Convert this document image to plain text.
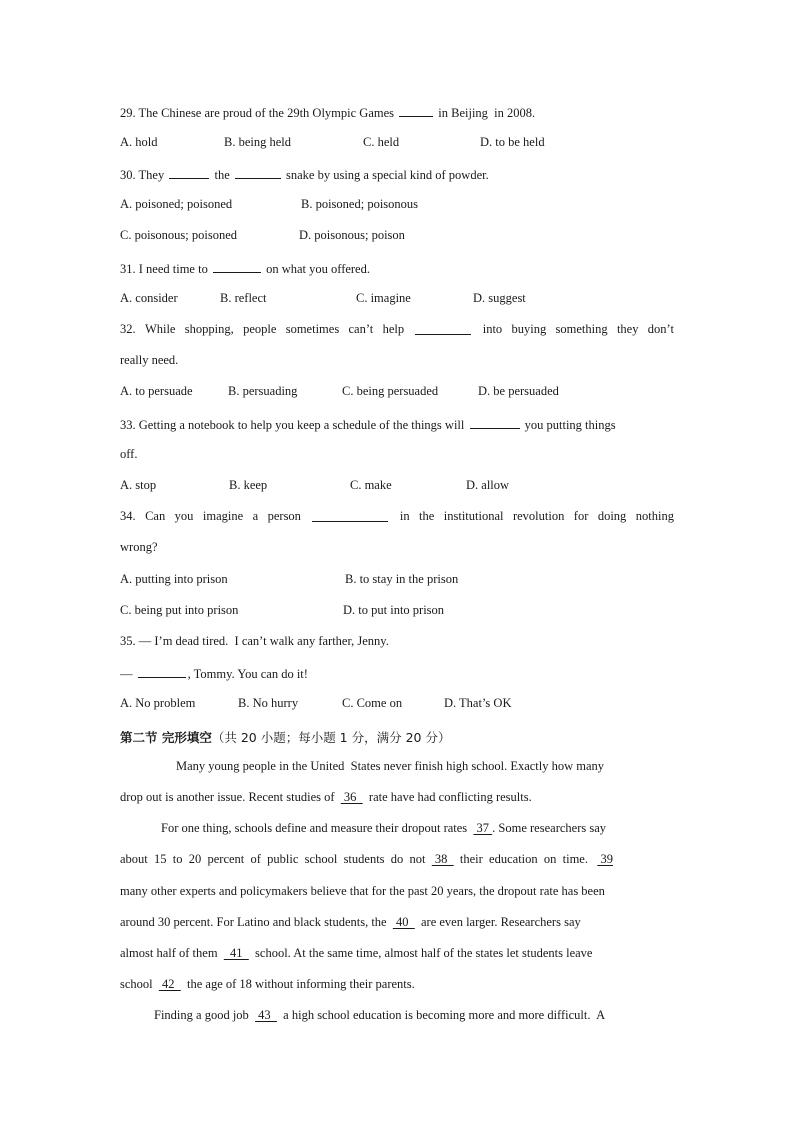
29. The Chinese are proud of the 29th Olympic Games	in Beijing  in 2008.
A. hold	B. being held	C. held	D. to be held
30. They	the	snake by using a special kind of powder.
A. poisoned; poisoned	B. poisoned; poisonous
C. poisonous; poisoned	D. poisonous; poison
31. I need time to	on what you offered.
A. consider	B. reflect	C. imagine	D. suggest
32. While shopping, people sometimes can’t help	into buying something they don’t
really need.
A. to persuade	B. persuading	C. being persuaded	D. be persuaded
33. Getting a notebook to help you keep a schedule of the things will	you putting things
off.
A. stop	B. keep	C. make	D. allow
34. Can you imagine a person	in the institutional revolution for doing nothing
wrong?
A. putting into prison	B. to stay in the prison
C. being put into prison	D. to put into prison
35. — I’m dead tired.  I can’t walk any farther, Jenny.
—	, Tommy. You can do it!
A. No problem	B. No hurry	C. Come on	D. That’s OK
第二节 完形填空（共 20 小题；每小题 1 分，满分 20 分）
Many young people in the United  States never finish high school. Exactly how many
drop out is another issue. Recent studies of   36    rate have had conflicting results.
For one thing, schools define and measure their dropout rates   37 . Some researchers say
about  15  to  20  percent  of  public  school  students  do  not   38    their  education  on  time.    39
many other experts and policymakers believe that for the past 20 years, the dropout rate has been
around 30 percent. For Latino and black students, the   40    are even larger. Researchers say
almost half of them    41    school. At the same time, almost half of the states let students leave
school   42    the age of 18 without informing their parents.
Finding a good job   43    a high school education is becoming more and more difficult.  A
